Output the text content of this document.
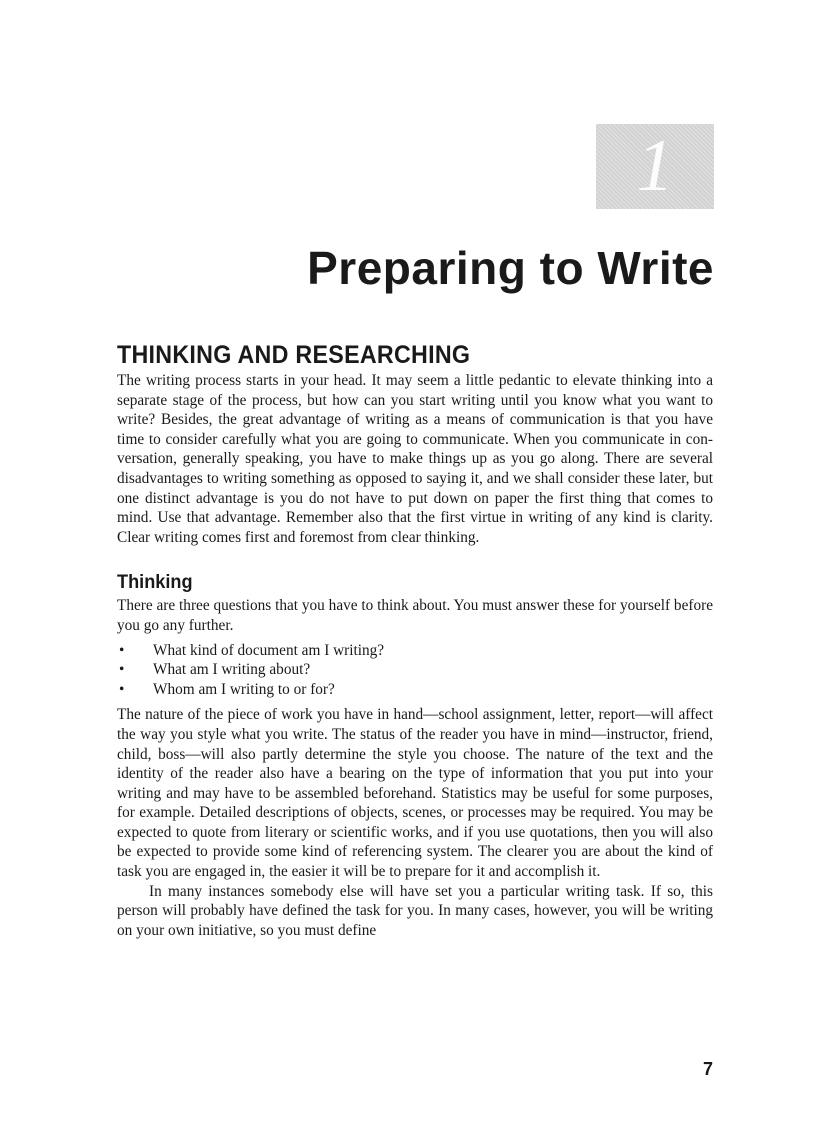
1
Preparing to Write
THINKING AND RESEARCHING

The writing process starts in your head. It may seem a little pedantic to elevate thinking into a separate stage of the process, but how can you start writing until you know what you want to write? Besides, the great advantage of writing as a means of communication is that you have time to consider carefully what you are going to communicate. When you communicate in conversation, generally speaking, you have to make things up as you go along. There are several disadvantages to writing something as opposed to saying it, and we shall consider these later, but one distinct advantage is you do not have to put down on paper the first thing that comes to mind. Use that advantage. Remember also that the first virtue in writing of any kind is clarity. Clear writing comes first and foremost from clear thinking.

Thinking

There are three questions that you have to think about. You must answer these for yourself before you go any further.

• What kind of document am I writing?
• What am I writing about?
• Whom am I writing to or for?

The nature of the piece of work you have in hand—school assignment, letter, report—will affect the way you style what you write. The status of the reader you have in mind—instructor, friend, child, boss—will also partly determine the style you choose. The nature of the text and the identity of the reader also have a bearing on the type of information that you put into your writing and may have to be assembled beforehand. Statistics may be useful for some purposes, for example. Detailed descriptions of objects, scenes, or processes may be required. You may be expected to quote from literary or scientific works, and if you use quotations, then you will also be expected to provide some kind of referencing system. The clearer you are about the kind of task you are engaged in, the easier it will be to prepare for it and accomplish it.

In many instances somebody else will have set you a particular writing task. If so, this person will probably have defined the task for you. In many cases, however, you will be writing on your own initiative, so you must define

7
